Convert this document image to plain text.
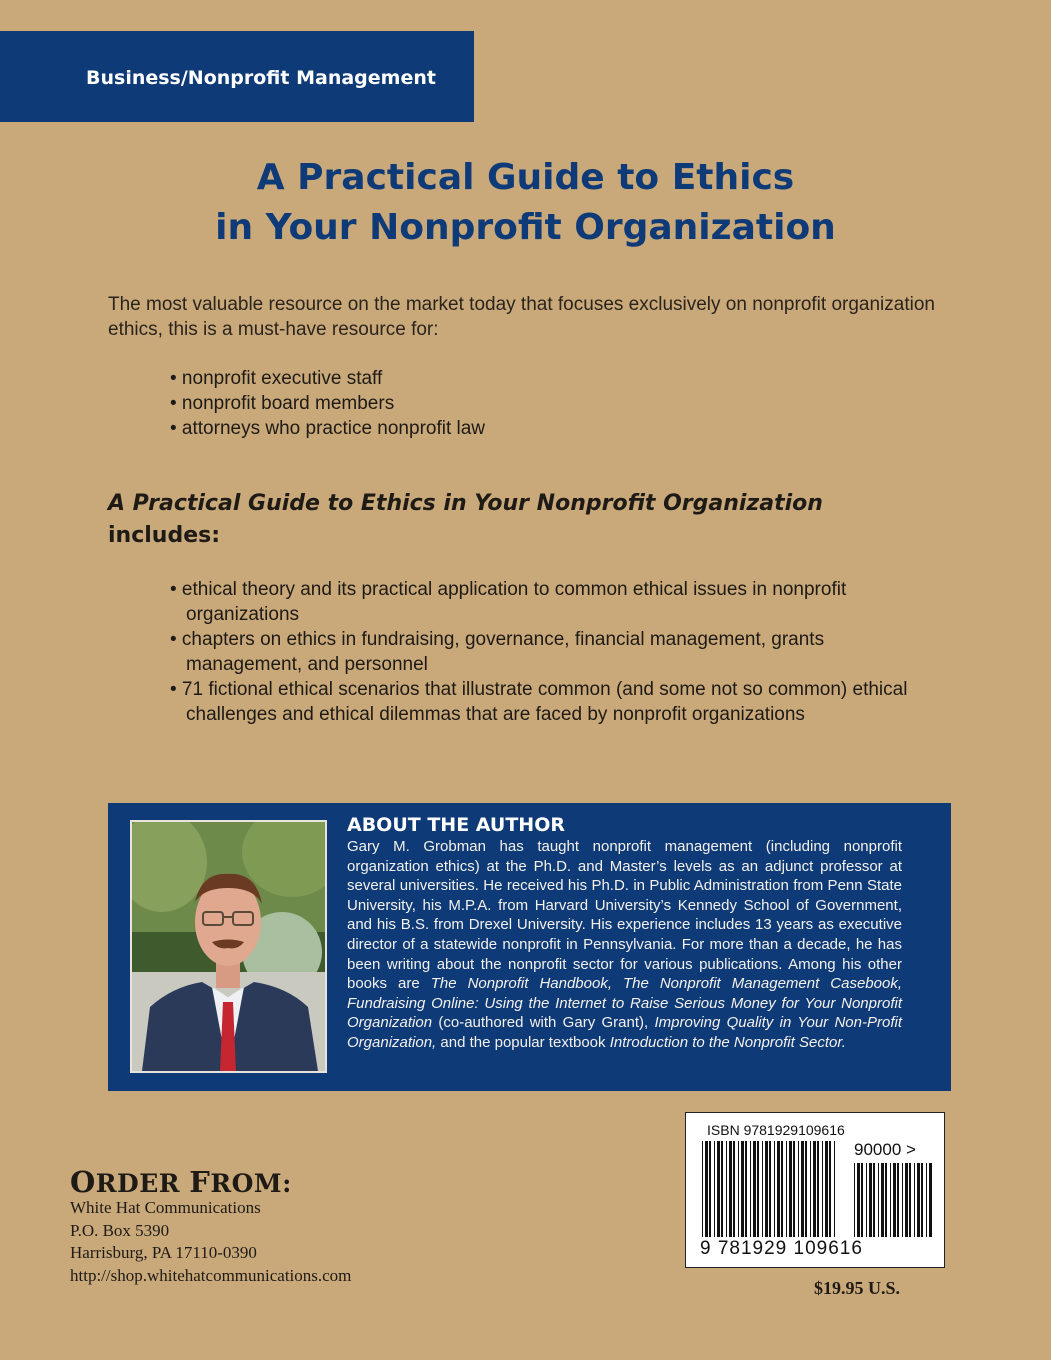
Business/Nonprofit Management
A Practical Guide to Ethics
in Your Nonprofit Organization
The most valuable resource on the market today that focuses exclusively on nonprofit organization ethics, this is a must-have resource for:
• nonprofit executive staff
• nonprofit board members
• attorneys who practice nonprofit law
A Practical Guide to Ethics in Your Nonprofit Organization
includes:
• ethical theory and its practical application to common ethical issues in nonprofit
organizations
• chapters on ethics in fundraising, governance, financial management, grants
management, and personnel
• 71 fictional ethical scenarios that illustrate common (and some not so common) ethical
challenges and ethical dilemmas that are faced by nonprofit organizations
ABOUT THE AUTHOR
Gary M. Grobman has taught nonprofit management (including nonprofit organization ethics) at the Ph.D. and Master’s levels as an adjunct professor at several universities. He received his Ph.D. in Public Administration from Penn State University, his M.P.A. from Harvard University’s Kennedy School of Government, and his B.S. from Drexel University. His experience includes 13 years as executive director of a statewide nonprofit in Pennsylvania. For more than a decade, he has been writing about the nonprofit sector for various publications. Among his other books are The Nonprofit Handbook, The Nonprofit Management Casebook, Fundraising Online: Using the Internet to Raise Serious Money for Your Nonprofit Organization (co-authored with Gary Grant), Improving Quality in Your Non-Profit Organization, and the popular textbook Introduction to the Nonprofit Sector.
ORDER FROM:
White Hat Communications
P.O. Box 5390
Harrisburg, PA 17110-0390
http://shop.whitehatcommunications.com
ISBN 9781929109616
90000 >
9 781929 109616
$19.95 U.S.
